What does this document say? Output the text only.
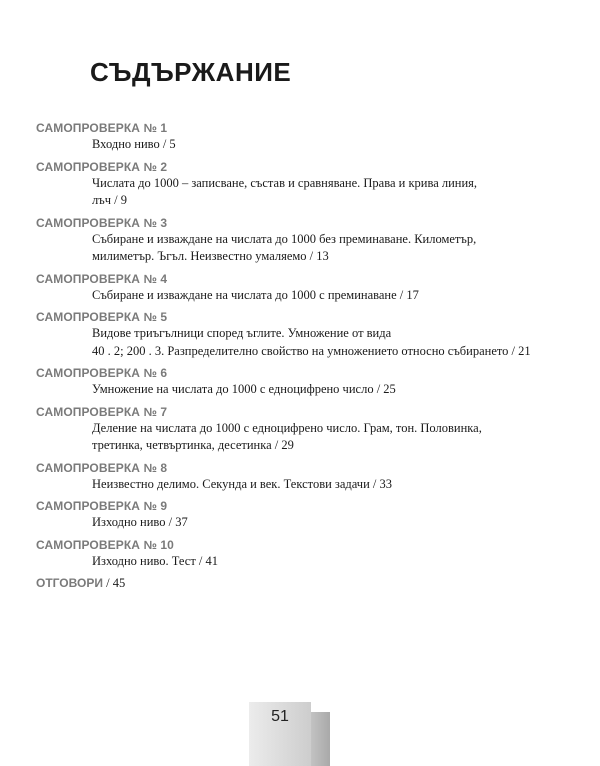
СЪДЪРЖАНИЕ
САМОПРОВЕРКА № 1
Входно ниво / 5
САМОПРОВЕРКА № 2
Числата до 1000 – записване, състав и сравняване. Права и крива линия,
лъч / 9
САМОПРОВЕРКА № 3
Събиране и изваждане на числата до 1000 без преминаване. Километър,
милиметър. Ъгъл. Неизвестно умаляемо / 13
САМОПРОВЕРКА № 4
Събиране и изваждане на числата до 1000 с преминаване / 17
САМОПРОВЕРКА № 5
Видове триъгълници според ъглите. Умножение от вида
40 . 2; 200 . 3. Разпределително свойство на умножението относно събирането / 21
САМОПРОВЕРКА № 6
Умножение на числата до 1000 с едноцифрено число / 25
САМОПРОВЕРКА № 7
Деление на числата до 1000 с едноцифрено число. Грам, тон. Половинка,
третинка, четвъртинка, десетинка / 29
САМОПРОВЕРКА № 8
Неизвестно делимо. Секунда и век. Текстови задачи / 33
САМОПРОВЕРКА № 9
Изходно ниво / 37
САМОПРОВЕРКА № 10
Изходно ниво. Тест / 41
ОТГОВОРИ / 45
51
